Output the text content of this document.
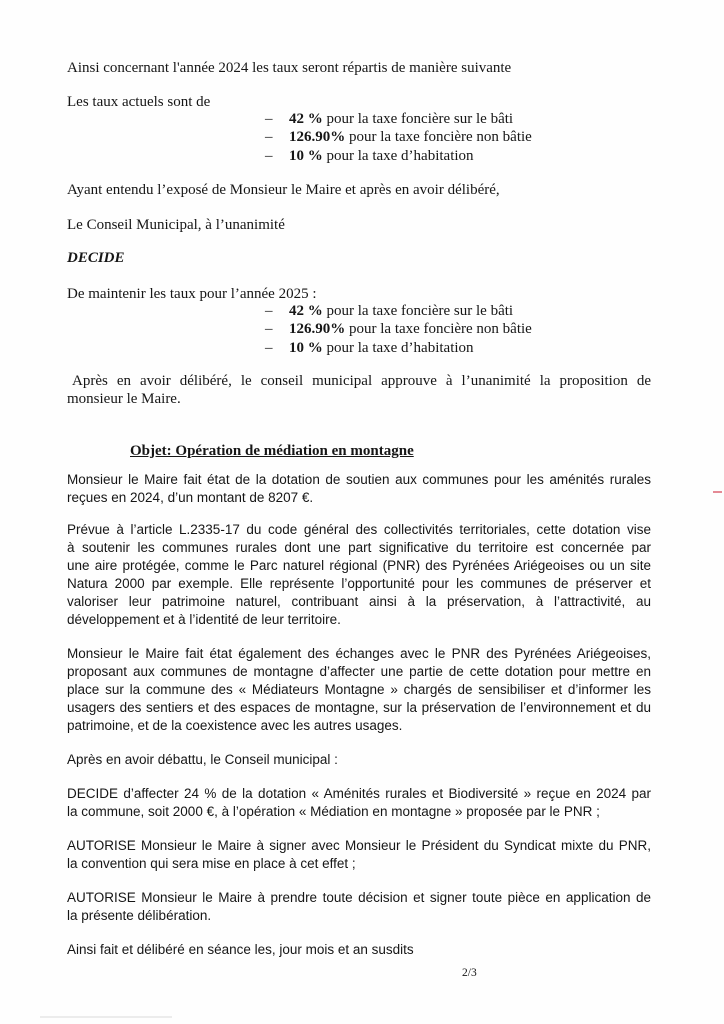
Ainsi concernant l'année 2024 les taux seront répartis de manière suivante
Les taux actuels sont de
– 42 % pour la taxe foncière sur le bâti
– 126.90% pour la taxe foncière non bâtie
– 10 % pour la taxe d’habitation
Ayant entendu l’exposé de Monsieur le Maire et après en avoir délibéré,
Le Conseil Municipal, à l’unanimité
DECIDE
De maintenir les taux pour l’année 2025 :
– 42 % pour la taxe foncière sur le bâti
– 126.90% pour la taxe foncière non bâtie
– 10 % pour la taxe d’habitation
Après en avoir délibéré, le conseil municipal approuve à l’unanimité la proposition de
monsieur le Maire.
Objet: Opération de médiation en montagne
Monsieur le Maire fait état de la dotation de soutien aux communes pour les aménités rurales
reçues en 2024, d’un montant de 8207 €.
Prévue à l’article L.2335-17 du code général des collectivités territoriales, cette dotation vise
à soutenir les communes rurales dont une part significative du territoire est concernée par
une aire protégée, comme le Parc naturel régional (PNR) des Pyrénées Ariégeoises ou un site
Natura 2000 par exemple. Elle représente l’opportunité pour les communes de préserver et
valoriser leur patrimoine naturel, contribuant ainsi à la préservation, à l’attractivité, au
développement et à l’identité de leur territoire.
Monsieur le Maire fait état également des échanges avec le PNR des Pyrénées Ariégeoises,
proposant aux communes de montagne d’affecter une partie de cette dotation pour mettre en
place sur la commune des « Médiateurs Montagne » chargés de sensibiliser et d’informer les
usagers des sentiers et des espaces de montagne, sur la préservation de l’environnement et du
patrimoine, et de la coexistence avec les autres usages.
Après en avoir débattu, le Conseil municipal :
DECIDE d’affecter 24 % de la dotation « Aménités rurales et Biodiversité » reçue en 2024 par
la commune, soit 2000 €, à l’opération « Médiation en montagne » proposée par le PNR ;
AUTORISE Monsieur le Maire à signer avec Monsieur le Président du Syndicat mixte du PNR,
la convention qui sera mise en place à cet effet ;
AUTORISE Monsieur le Maire à prendre toute décision et signer toute pièce en application de
la présente délibération.
Ainsi fait et délibéré en séance les, jour mois et an susdits
2/3
